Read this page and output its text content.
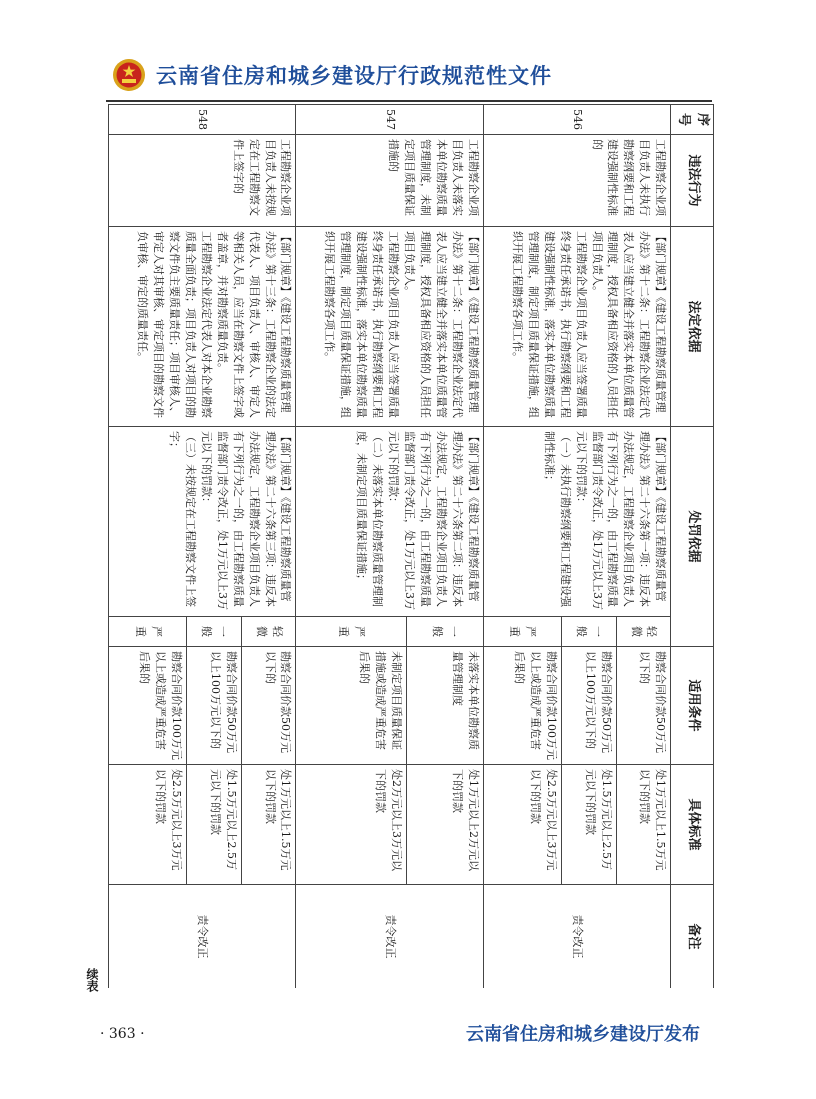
云南省住房和城乡建设厅行政规范性文件
序号	违法行为	法定依据	处罚依据		适用条件	具体标准	备注
546	工程勘察企业项目负责人未执行勘察纲要和工程建设强制性标准的	【部门规章】《建设工程勘察质量管理办法》第十二条：工程勘察企业法定代表人应当建立健全并落实本单位质量管理制度，授权具备相应资格的人员担任项目负责人。
工程勘察企业项目负责人应当签署质量终身责任承诺书，执行勘察纲要和工程建设强制性标准，落实本单位勘察质量管理制度，制定项目质量保证措施，组织开展工程勘察各项工作。	【部门规章】《建设工程勘察质量管理办法》第二十六条第一项：违反本办法规定，工程勘察企业项目负责人有下列行为之一的，由工程勘察质量监督部门责令改正，处1万元以上3万元以下的罚款：
（一）未执行勘察纲要和工程建设强制性标准；	轻微	勘察合同价款50万元以下的	处1万元以上1.5万元以下的罚款	责令改正
				一般	勘察合同价款50万元以上100万元以下的	处1.5万元以上2.5万元以下的罚款	
				严重	勘察合同价款100万元以上或造成严重危害后果的	处2.5万元以上3万元以下的罚款	
547	工程勘察企业项目负责人未落实本单位勘察质量管理制度，未制定项目质量保证措施的	【部门规章】《建设工程勘察质量管理办法》第十二条：工程勘察企业法定代表人应当建立健全并落实本单位质量管理制度，授权具备相应资格的人员担任项目负责人。
工程勘察企业项目负责人应当签署质量终身责任承诺书，执行勘察纲要和工程建设强制性标准，落实本单位勘察质量管理制度，制定项目质量保证措施，组织开展工程勘察各项工作。	【部门规章】《建设工程勘察质量管理办法》第二十六条第二项：违反本办法规定，工程勘察企业项目负责人有下列行为之一的，由工程勘察质量监督部门责令改正，处1万元以上3万元以下的罚款：
（二）未落实本单位勘察质量管理制度，未制定项目质量保证措施；	一般	未落实本单位勘察质量管理制度	处1万元以上2万元以下的罚款	责令改正
				严重	未制定项目质量保证措施或造成严重危害后果的	处2万元以上3万元以下的罚款	
548	工程勘察企业项目负责人未按规定在工程勘察文件上签字的	【部门规章】《建设工程勘察质量管理办法》第十三条：工程勘察企业的法定代表人、项目负责人、审核人、审定人等相关人员，应当在勘察文件上签字或者盖章，并对勘察质量负责。
工程勘察企业法定代表人对本企业勘察质量全面负责；项目负责人对项目的勘察文件负主要质量责任；项目审核人、审定人对其审核、审定项目的勘察文件负审核、审定的质量责任。	【部门规章】《建设工程勘察质量管理办法》第二十六条第三项：违反本办法规定，工程勘察企业项目负责人有下列行为之一的，由工程勘察质量监督部门责令改正，处1万元以上3万元以下的罚款：
（三）未按规定在工程勘察文件上签字；	轻微	勘察合同价款50万元以下的	处1万元以上1.5万元以下的罚款	责令改正
				一般	勘察合同价款50万元以上100万元以下的	处1.5万元以上2.5万元以下的罚款	
				严重	勘察合同价款100万元以上或造成严重危害后果的	处2.5万元以上3万元以下的罚款	
· 363 ·	云南省住房和城乡建设厅发布
续表
